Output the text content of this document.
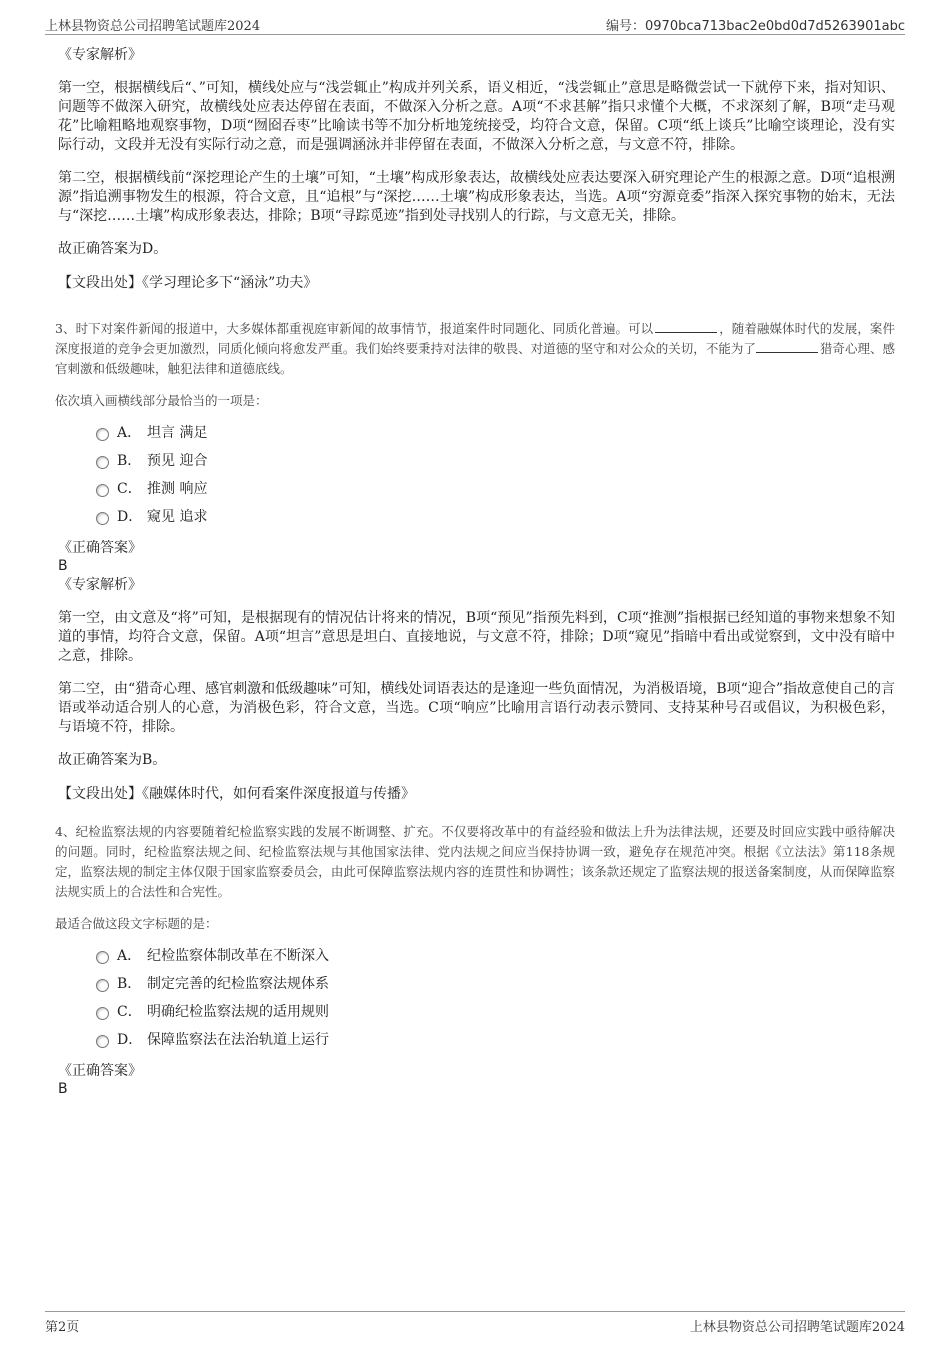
上林县物资总公司招聘笔试题库2024	编号：0970bca713bac2e0bd0d7d5263901abc

《专家解析》

第一空，根据横线后“、”可知，横线处应与“浅尝辄止”构成并列关系，语义相近，“浅尝辄止”意思是略微尝试一下就停下来，指对知识、问题等不做深入研究，故横线处应表达停留在表面，不做深入分析之意。A项“不求甚解”指只求懂个大概，不求深刻了解，B项“走马观花”比喻粗略地观察事物，D项“囫囵吞枣”比喻读书等不加分析地笼统接受，均符合文意，保留。C项“纸上谈兵”比喻空谈理论，没有实际行动，文段并无没有实际行动之意，而是强调涵泳并非停留在表面，不做深入分析之意，与文意不符，排除。

第二空，根据横线前“深挖理论产生的土壤”可知，“土壤”构成形象表达，故横线处应表达要深入研究理论产生的根源之意。D项“追根溯源”指追溯事物发生的根源，符合文意，且“追根”与“深挖……土壤”构成形象表达，当选。A项“穷源竟委”指深入探究事物的始末，无法与“深挖……土壤”构成形象表达，排除；B项“寻踪觅迹”指到处寻找别人的行踪，与文意无关，排除。

故正确答案为D。

【文段出处】《学习理论多下“涵泳”功夫》

3、时下对案件新闻的报道中，大多媒体都重视庭审新闻的故事情节，报道案件时同题化、同质化普遍。可以	，随着融媒体时代的发展，案件深度报道的竞争会更加激烈，同质化倾向将愈发严重。我们始终要秉持对法律的敬畏、对道德的坚守和对公众的关切，不能为了	猎奇心理、感官刺激和低级趣味，触犯法律和道德底线。

依次填入画横线部分最恰当的一项是：

A． 坦言 满足
B． 预见 迎合
C． 推测 响应
D． 窥见 追求

《正确答案》

B

《专家解析》

第一空，由文意及“将”可知，是根据现有的情况估计将来的情况，B项“预见”指预先料到，C项“推测”指根据已经知道的事物来想象不知道的事情，均符合文意，保留。A项“坦言”意思是坦白、直接地说，与文意不符，排除；D项“窥见”指暗中看出或觉察到，文中没有暗中之意，排除。

第二空，由“猎奇心理、感官刺激和低级趣味”可知，横线处词语表达的是逢迎一些负面情况，为消极语境，B项“迎合”指故意使自己的言语或举动适合别人的心意，为消极色彩，符合文意，当选。C项“响应”比喻用言语行动表示赞同、支持某种号召或倡议，为积极色彩，与语境不符，排除。

故正确答案为B。

【文段出处】《融媒体时代，如何看案件深度报道与传播》

4、纪检监察法规的内容要随着纪检监察实践的发展不断调整、扩充。不仅要将改革中的有益经验和做法上升为法律法规，还要及时回应实践中亟待解决的问题。同时，纪检监察法规之间、纪检监察法规与其他国家法律、党内法规之间应当保持协调一致，避免存在规范冲突。根据《立法法》第118条规定，监察法规的制定主体仅限于国家监察委员会，由此可保障监察法规内容的连贯性和协调性；该条款还规定了监察法规的报送备案制度，从而保障监察法规实质上的合法性和合宪性。

最适合做这段文字标题的是：

A． 纪检监察体制改革在不断深入
B． 制定完善的纪检监察法规体系
C． 明确纪检监察法规的适用规则
D． 保障监察法在法治轨道上运行

《正确答案》

B

第2页	上林县物资总公司招聘笔试题库2024
